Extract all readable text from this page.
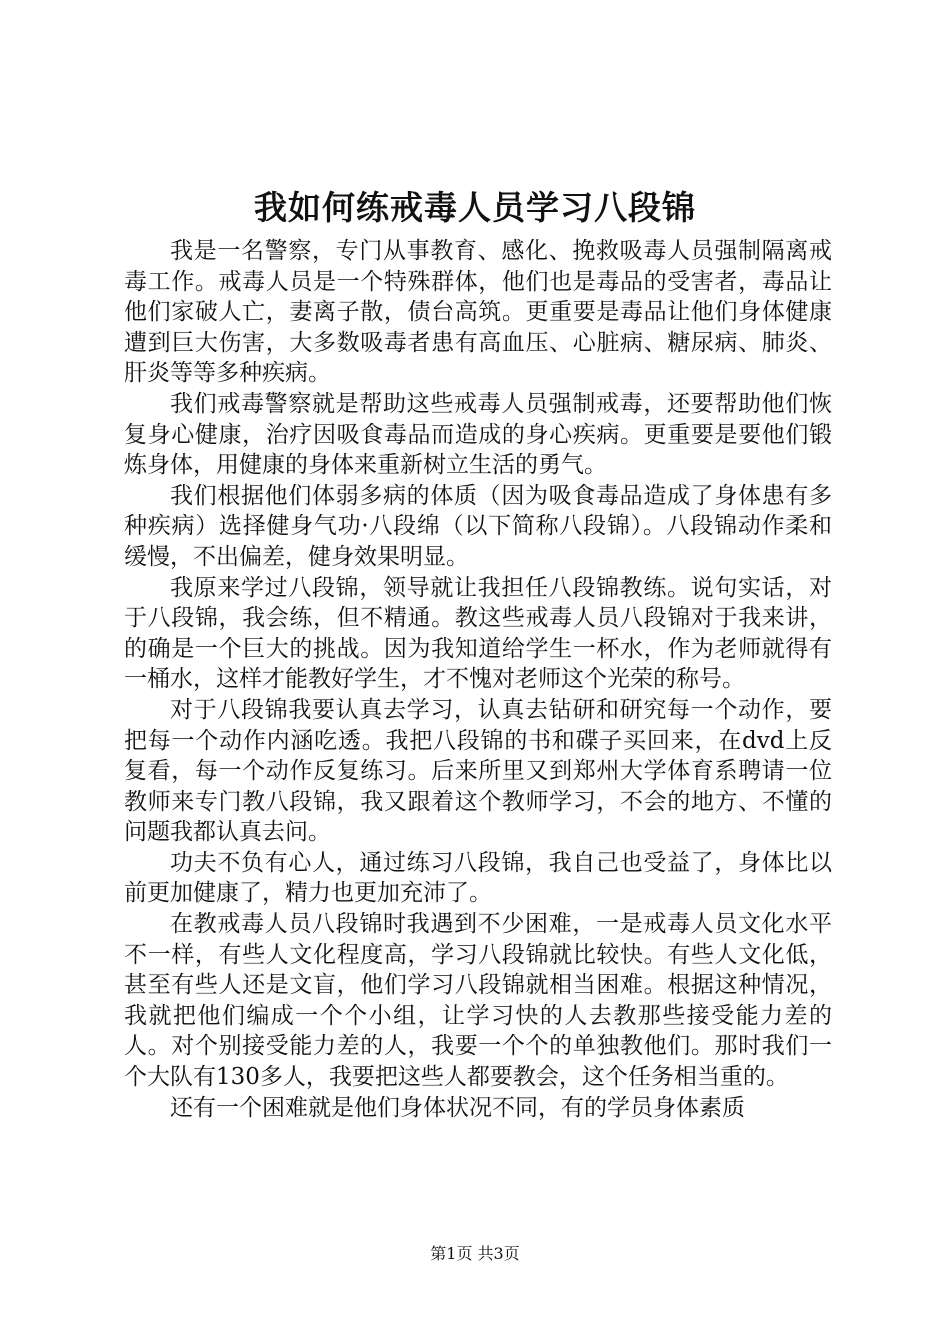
我如何练戒毒人员学习八段锦

我是一名警察，专门从事教育、感化、挽救吸毒人员强制隔离戒毒工作。戒毒人员是一个特殊群体，他们也是毒品的受害者，毒品让他们家破人亡，妻离子散，债台高筑。更重要是毒品让他们身体健康遭到巨大伤害，大多数吸毒者患有高血压、心脏病、糖尿病、肺炎、肝炎等等多种疾病。

我们戒毒警察就是帮助这些戒毒人员强制戒毒，还要帮助他们恢复身心健康，治疗因吸食毒品而造成的身心疾病。更重要是要他们锻炼身体，用健康的身体来重新树立生活的勇气。

我们根据他们体弱多病的体质（因为吸食毒品造成了身体患有多种疾病）选择健身气功·八段绵（以下简称八段锦）。八段锦动作柔和缓慢，不出偏差，健身效果明显。

我原来学过八段锦，领导就让我担任八段锦教练。说句实话，对于八段锦，我会练，但不精通。教这些戒毒人员八段锦对于我来讲，的确是一个巨大的挑战。因为我知道给学生一杯水，作为老师就得有一桶水，这样才能教好学生，才不愧对老师这个光荣的称号。

对于八段锦我要认真去学习，认真去钻研和研究每一个动作，要把每一个动作内涵吃透。我把八段锦的书和碟子买回来，在dvd上反复看，每一个动作反复练习。后来所里又到郑州大学体育系聘请一位教师来专门教八段锦，我又跟着这个教师学习，不会的地方、不懂的问题我都认真去问。

功夫不负有心人，通过练习八段锦，我自己也受益了，身体比以前更加健康了，精力也更加充沛了。

在教戒毒人员八段锦时我遇到不少困难，一是戒毒人员文化水平不一样，有些人文化程度高，学习八段锦就比较快。有些人文化低，甚至有些人还是文盲，他们学习八段锦就相当困难。根据这种情况，我就把他们编成一个个小组，让学习快的人去教那些接受能力差的人。对个别接受能力差的人，我要一个个的单独教他们。那时我们一个大队有130多人，我要把这些人都要教会，这个任务相当重的。

还有一个困难就是他们身体状况不同，有的学员身体素质

第1页 共3页
